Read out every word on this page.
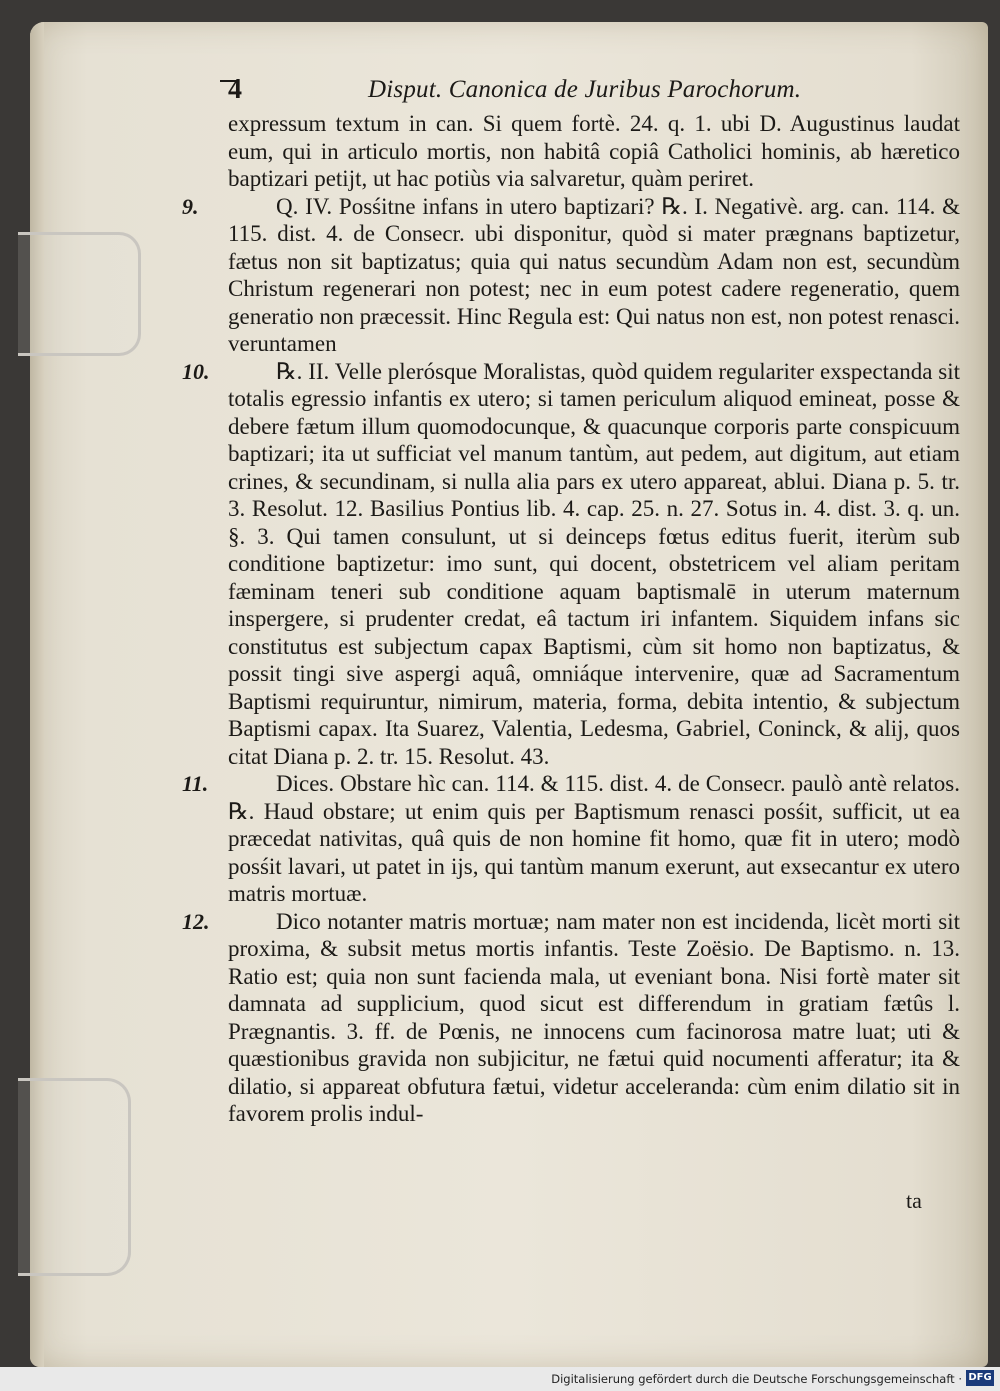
4	Disput. Canonica de Juribus Parochorum.

expressum textum in can. Si quem fortè. 24. q. 1. ubi D. Augustinus laudat eum, qui in articulo mortis, non habitâ copiâ Catholici hominis, ab hæretico baptizari petijt, ut hac potiùs via salvaretur, quàm periret.

9.	Q. IV. Posśitne infans in utero baptizari? ℞. I. Negativè. arg. can. 114. & 115. dist. 4. de Consecr. ubi disponitur, quòd si mater prægnans baptizetur, fætus non sit baptizatus; quia qui natus secundùm Adam non est, secundùm Christum regenerari non potest; nec in eum potest cadere regeneratio, quem generatio non præcessit. Hinc Regula est: Qui natus non est, non potest renasci. veruntamen

10.	℞. II. Velle plerósque Moralistas, quòd quidem regulariter exspectanda sit totalis egressio infantis ex utero; si tamen periculum aliquod emineat, posse & debere fætum illum quomodocunque, & quacunque corporis parte conspicuum baptizari; ita ut sufficiat vel manum tantùm, aut pedem, aut digitum, aut etiam crines, & secundinam, si nulla alia pars ex utero appareat, ablui. Diana p. 5. tr. 3. Resolut. 12. Basilius Pontius lib. 4. cap. 25. n. 27. Sotus in. 4. dist. 3. q. un. §. 3. Qui tamen consulunt, ut si deinceps fœtus editus fuerit, iterùm sub conditione baptizetur: imo sunt, qui docent, obstetricem vel aliam peritam fæminam teneri sub conditione aquam baptismalē in uterum maternum inspergere, si prudenter credat, eâ tactum iri infantem. Siquidem infans sic constitutus est subjectum capax Baptismi, cùm sit homo non baptizatus, & possit tingi sive aspergi aquâ, omniáque intervenire, quæ ad Sacramentum Baptismi requiruntur, nimirum, materia, forma, debita intentio, & subjectum Baptismi capax. Ita Suarez, Valentia, Ledesma, Gabriel, Coninck, & alij, quos citat Diana p. 2. tr. 15. Resolut. 43.

11.	Dices. Obstare hìc can. 114. & 115. dist. 4. de Consecr. paulò antè relatos. ℞. Haud obstare; ut enim quis per Baptismum renasci posśit, sufficit, ut ea præcedat nativitas, quâ quis de non homine fit homo, quæ fit in utero; modò posśit lavari, ut patet in ijs, qui tantùm manum exerunt, aut exsecantur ex utero matris mortuæ.

12.	Dico notanter matris mortuæ; nam mater non est incidenda, licèt morti sit proxima, & subsit metus mortis infantis. Teste Zoësio. De Baptismo. n. 13. Ratio est; quia non sunt facienda mala, ut eveniant bona. Nisi fortè mater sit damnata ad supplicium, quod sicut est differendum in gratiam fætûs l. Prægnantis. 3. ff. de Pœnis, ne innocens cum facinorosa matre luat; uti & quæstionibus gravida non subjicitur, ne fætui quid nocumenti afferatur; ita & dilatio, si appareat obfutura fætui, videtur acceleranda: cùm enim dilatio sit in favorem prolis indul-

ta
Digitalisierung gefördert durch die Deutsche Forschungsgemeinschaft · DFG
